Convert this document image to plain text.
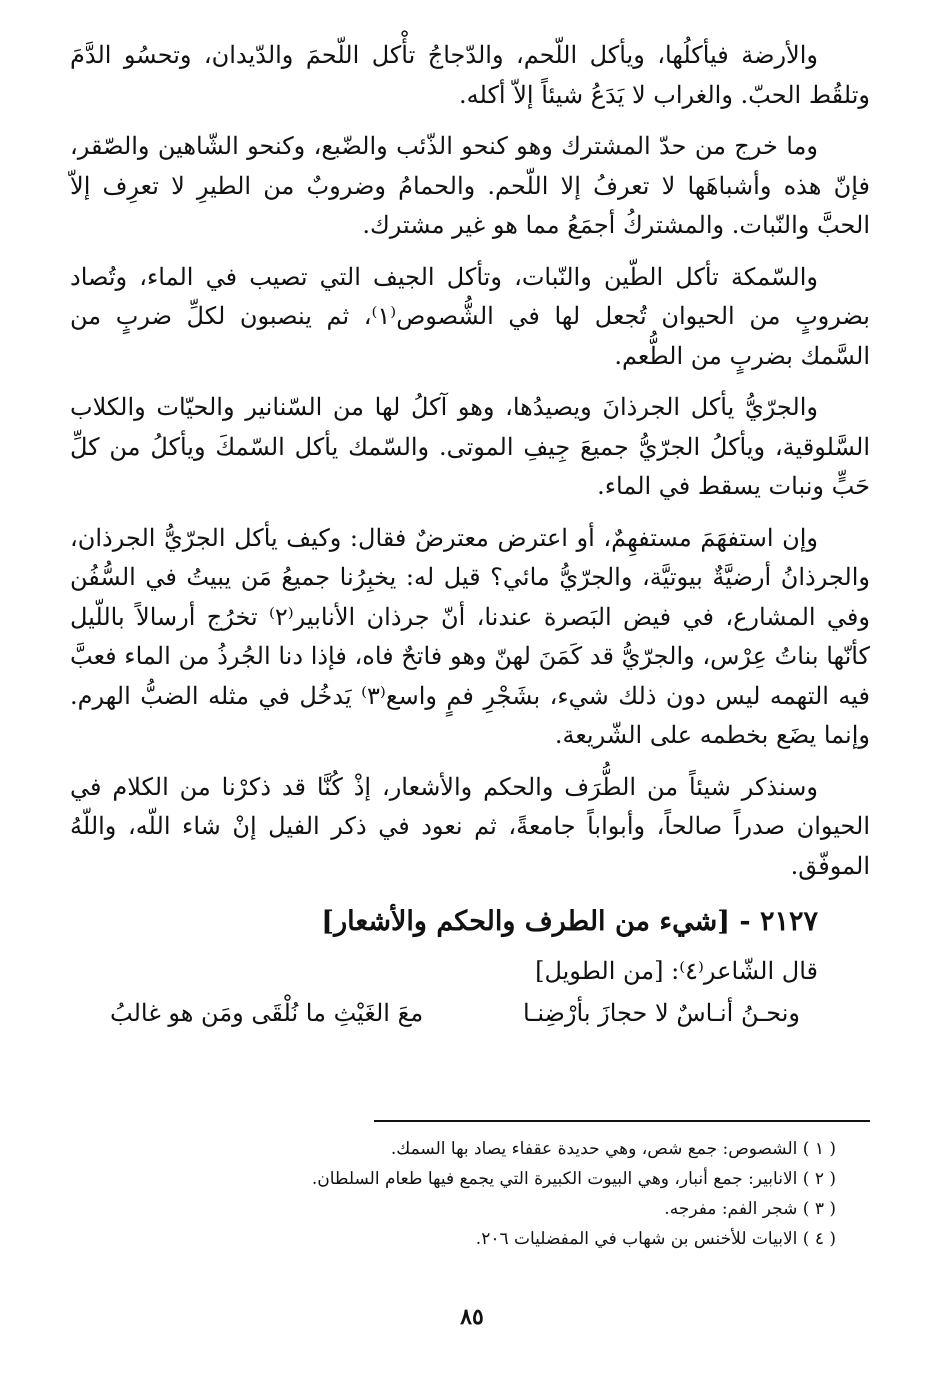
والأرضة فيأكلُها، ويأكل اللّحم، والدّجاجُ تأْكل اللّحمَ والدّيدان، وتحسُو الدَّمَ وتلقُط الحبّ. والغراب لا يَدَعُ شيئاً إلاّ أكله.

وما خرج من حدّ المشترك وهو كنحو الذّئب والضّبع، وكنحو الشّاهين والصّقر، فإنّ هذه وأشباهَها لا تعرفُ إلا اللّحم. والحمامُ وضروبٌ من الطيرِ لا تعرِف إلاّ الحبَّ والنّبات. والمشتركُ أجمَعُ مما هو غير مشترك.

والسّمكة تأكل الطّين والنّبات، وتأكل الجيف التي تصيب في الماء، وتُصاد بضروبٍ من الحيوان تُجعل لها في الشُّصوص⁽١⁾، ثم ينصبون لكلِّ ضربٍ من السَّمك بضربٍ من الطُّعم.

والجرّيُّ يأكل الجرذانَ ويصيدُها، وهو آكلُ لها من السّنانير والحيّات والكلاب السَّلوقية، ويأكلُ الجرّيُّ جميعَ جِيفِ الموتى. والسّمك يأكل السّمكَ ويأكلُ من كلِّ حَبٍّ ونبات يسقط في الماء.

وإن استفهَمَ مستفهِمٌ، أو اعترض معترضٌ فقال: وكيف يأكل الجرّيُّ الجرذان، والجرذانُ أرضيَّةٌ بيوتيَّة، والجرّيُّ مائي؟ قيل له: يخبِرُنا جميعُ مَن يبيتُ في السُّفُن وفي المشارع، في فيض البَصرة عندنا، أنّ جرذان الأنابير⁽٢⁾ تخرُج أرسالاً باللّيل كأنّها بناتُ عِرْس، والجرّيُّ قد كَمَنَ لهنّ وهو فاتحٌ فاه، فإذا دنا الجُرذُ من الماء فعبَّ فيه التهمه ليس دون ذلك شيء، بشَجْرِ فمٍ واسع⁽٣⁾ يَدخُل في مثله الضبُّ الهرم. وإنما يضَع بخطمه على الشّريعة.

وسنذكر شيئاً من الطُّرَف والحكم والأشعار، إذْ كُنَّا قد ذكرْنا من الكلام في الحيوان صدراً صالحاً، وأبواباً جامعةً، ثم نعود في ذكر الفيل إنْ شاء اللّه، واللّهُ الموفّق.

٢١٢٧ - [شيء من الطرف والحكم والأشعار]

قال الشّاعر⁽٤⁾: [من الطويل]

ونحـنُ أنـاسٌ لا حجازَ بأرْضِنـا
معَ الغَيْثِ ما نُلْقَى ومَن هو غالبُ

( ١ ) الشصوص: جمع شص، وهي حديدة عقفاء يصاد بها السمك.

( ٢ ) الانابير: جمع أنبار، وهي البيوت الكبيرة التي يجمع فيها طعام السلطان.

( ٣ ) شجر الفم: مفرجه.

( ٤ ) الابيات للأخنس بن شهاب في المفضليات ٢٠٦.

٨٥
